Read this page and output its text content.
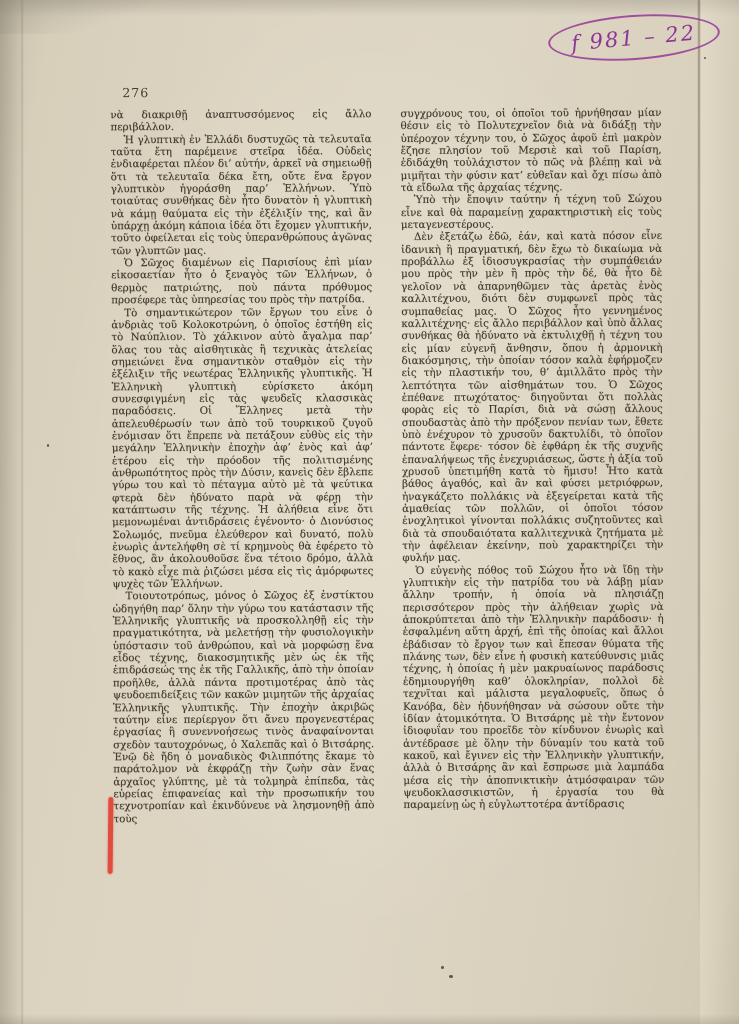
f 981 – 22
276

νὰ διακριθῇ ἀναπτυσσόμενος εἰς ἄλλο περιβάλλον.

Ἡ γλυπτικὴ ἐν Ἑλλάδι δυστυχῶς τὰ τελευταῖα ταῦτα ἔτη παρέμεινε στεῖρα ἰδέα. Οὐδεὶς ἐνδιαφέρεται πλέον δι’ αὐτήν, ἀρκεῖ νὰ σημειωθῇ ὅτι τὰ τελευταῖα δέκα ἔτη, οὔτε ἕνα ἔργον γλυπτικὸν ἠγοράσθη παρ’ Ἑλλήνων. Ὑπὸ τοιαύτας συνθήκας δὲν ἦτο δυνατὸν ἡ γλυπτικὴ νὰ κάμῃ θαύματα εἰς τὴν ἐξέλιξίν της, καὶ ἂν ὑπάρχῃ ἀκόμη κάποια ἰδέα ὅτι ἔχομεν γλυπτικήν, τοῦτο ὀφείλεται εἰς τοὺς ὑπερανθρώπους ἀγῶνας τῶν γλυπτῶν μας.

Ὁ Σῶχος διαμένων εἰς Παρισίους ἐπὶ μίαν εἰκοσαετίαν ἦτο ὁ ξεναγὸς τῶν Ἑλλήνων, ὁ θερμὸς πατριώτης, ποὺ πάντα πρόθυμος προσέφερε τὰς ὑπηρεσίας του πρὸς τὴν πατρίδα.

Τὸ σημαντικώτερον τῶν ἔργων του εἶνε ὁ ἀνδριὰς τοῦ Κολοκοτρώνη, ὁ ὁποῖος ἐστήθη εἰς τὸ Ναύπλιον. Τὸ χάλκινον αὐτὸ ἄγαλμα παρ’ ὅλας του τὰς αἰσθητικὰς ἢ τεχνικὰς ἀτελείας σημειώνει ἕνα σημαντικὸν σταθμὸν εἰς τὴν ἐξέλιξιν τῆς νεωτέρας Ἑλληνικῆς γλυπτικῆς. Ἡ Ἑλληνικὴ γλυπτικὴ εὑρίσκετο ἀκόμη συνεσφιγμένη εἰς τὰς ψευδεῖς κλασσικὰς παραδόσεις. Οἱ Ἕλληνες μετὰ τὴν ἀπελευθέρωσίν των ἀπὸ τοῦ τουρκικοῦ ζυγοῦ ἐνόμισαν ὅτι ἔπρεπε νὰ πετάξουν εὐθὺς εἰς τὴν μεγάλην Ἑλληνικὴν ἐποχὴν ἀφ’ ἑνὸς καὶ ἀφ’ ἑτέρου εἰς τὴν πρόοδον τῆς πολιτισμένης ἀνθρωπότητος πρὸς τὴν Δύσιν, κανεὶς δὲν ἔβλεπε γύρω του καὶ τὸ πέταγμα αὐτὸ μὲ τὰ ψεύτικα φτερὰ δὲν ἠδύνατο παρὰ νὰ φέρῃ τὴν κατάπτωσιν τῆς τέχνης. Ἡ ἀλήθεια εἶνε ὅτι μεμονωμέναι ἀντιδράσεις ἐγένοντο· ὁ Διονύσιος Σολωμός, πνεῦμα ἐλεύθερον καὶ δυνατό, πολὺ ἐνωρὶς ἀντελήφθη σὲ τί κρημνοὺς θὰ ἐφέρετο τὸ ἔθνος, ἂν ἀκολουθοῦσε ἕνα τέτοιο δρόμο, ἀλλὰ τὸ κακὸ εἶχε πιὰ ῥιζώσει μέσα εἰς τὶς ἀμόρφωτες ψυχὲς τῶν Ἑλλήνων.

Τοιουτοτρόπως, μόνος ὁ Σῶχος ἐξ ἐνστίκτου ὡδηγήθη παρ’ ὅλην τὴν γύρω του κατάστασιν τῆς Ἑλληνικῆς γλυπτικῆς νὰ προσκολληθῇ εἰς τὴν πραγματικότητα, νὰ μελετήσῃ τὴν φυσιολογικὴν ὑπόστασιν τοῦ ἀνθρώπου, καὶ νὰ μορφώσῃ ἕνα εἶδος τέχνης, διακοσμητικῆς μὲν ὡς ἐκ τῆς ἐπιδράσεώς της ἐκ τῆς Γαλλικῆς, ἀπὸ τὴν ὁποίαν προῆλθε, ἀλλὰ πάντα προτιμοτέρας ἀπὸ τὰς ψευδοεπιδείξεις τῶν κακῶν μιμητῶν τῆς ἀρχαίας Ἑλληνικῆς γλυπτικῆς. Τὴν ἐποχὴν ἀκριβῶς ταύτην εἶνε περίεργον ὅτι ἄνευ προγενεστέρας ἐργασίας ἢ συνεννοήσεως τινὸς ἀναφαίνονται σχεδὸν ταυτοχρόνως, ὁ Χαλεπᾶς καὶ ὁ Βιτσάρης. Ἐνῷ δὲ ἤδη ὁ μοναδικὸς Φιλιππότης ἔκαμε τὸ παράτολμον νὰ ἐκφράζῃ τὴν ζωὴν σὰν ἕνας ἀρχαῖος γλύπτης, μὲ τὰ τολμηρὰ ἐπίπεδα, τὰς εὐρείας ἐπιφανείας καὶ τὴν προσωπικήν του τεχνοτροπίαν καὶ ἐκινδύνευε νὰ λησμονηθῇ ἀπὸ τοὺς

συγχρόνους του, οἱ ὁποῖοι τοῦ ἠρνήθησαν μίαν θέσιν εἰς τὸ Πολυτεχνεῖον διὰ νὰ διδάξῃ τὴν ὑπέροχον τέχνην του, ὁ Σῶχος ἀφοῦ ἐπὶ μακρὸν ἔζησε πλησίον τοῦ Μερσιὲ καὶ τοῦ Παρίση, ἐδιδάχθη τοὐλάχιστον τὸ πῶς νὰ βλέπῃ καὶ νὰ μιμῆται τὴν φύσιν κατ’ εὐθεῖαν καὶ ὄχι πίσω ἀπὸ τὰ εἴδωλα τῆς ἀρχαίας τέχνης.

Ὑπὸ τὴν ἔποψιν ταύτην ἡ τέχνη τοῦ Σώχου εἶνε καὶ θὰ παραμείνῃ χαρακτηριστικὴ εἰς τοὺς μεταγενεστέρους.

Δὲν ἐξετάζω ἐδῶ, ἐάν, καὶ κατὰ πόσον εἶνε ἰδανικὴ ἢ πραγματική, δὲν ἔχω τὸ δικαίωμα νὰ προβάλλω ἐξ ἰδιοσυγκρασίας τὴν συμπάθειάν μου πρὸς τὴν μὲν ἢ πρὸς τὴν δέ, θὰ ἦτο δὲ γελοῖον νὰ ἀπαρνηθῶμεν τὰς ἀρετὰς ἑνὸς καλλιτέχνου, διότι δὲν συμφωνεῖ πρὸς τὰς συμπαθείας μας. Ὁ Σῶχος ἦτο γεννημένος καλλιτέχνης· εἰς ἄλλο περιβάλλον καὶ ὑπὸ ἄλλας συνθήκας θὰ ἠδύνατο νὰ ἐκτυλιχθῇ ἡ τέχνη του εἰς μίαν εὐγενῆ ἄνθησιν, ὅπου ἡ ἁρμονικὴ διακόσμησις, τὴν ὁποίαν τόσον καλὰ ἐφήρμοζεν εἰς τὴν πλαστικήν του, θ’ ἀμιλλᾶτο πρὸς τὴν λεπτότητα τῶν αἰσθημάτων του. Ὁ Σῶχος ἐπέθανε πτωχότατος· διηγοῦνται ὅτι πολλὰς φορὰς εἰς τὸ Παρίσι, διὰ νὰ σώσῃ ἄλλους σπουδαστὰς ἀπὸ τὴν πρόξενον πενίαν των, ἔθετε ὑπὸ ἐνέχυρον τὸ χρυσοῦν δακτυλίδι, τὸ ὁποῖον πάντοτε ἔφερε· τόσον δὲ ἐφθάρη ἐκ τῆς συχνῆς ἐπαναλήψεως τῆς ἐνεχυριάσεως, ὥστε ἡ ἀξία τοῦ χρυσοῦ ὑπετιμήθη κατὰ τὸ ἥμισυ! Ἦτο κατὰ βάθος ἀγαθός, καὶ ἂν καὶ φύσει μετριόφρων, ἠναγκάζετο πολλάκις νὰ ἐξεγείρεται κατὰ τῆς ἀμαθείας τῶν πολλῶν, οἱ ὁποῖοι τόσον ἐνοχλητικοὶ γίνονται πολλάκις συζητοῦντες καὶ διὰ τὰ σπουδαιότατα καλλιτεχνικὰ ζητήματα μὲ τὴν ἀφέλειαν ἐκείνην, ποὺ χαρακτηρίζει τὴν φυλήν μας.

Ὁ εὐγενὴς πόθος τοῦ Σώχου ἦτο νὰ ἴδῃ τὴν γλυπτικὴν εἰς τὴν πατρίδα του νὰ λάβῃ μίαν ἄλλην τροπήν, ἡ ὁποία νὰ πλησιάζῃ περισσότερον πρὸς τὴν ἀλήθειαν χωρὶς νὰ ἀποκρύπτεται ἀπὸ τὴν Ἑλληνικὴν παράδοσιν· ἡ ἐσφαλμένη αὕτη ἀρχή, ἐπὶ τῆς ὁποίας καὶ ἄλλοι ἐβάδισαν τὸ ἔργον των καὶ ἔπεσαν θύματα τῆς πλάνης των, δὲν εἶνε ἡ φυσικὴ κατεύθυνσις μιᾶς τέχνης, ἡ ὁποίας ἡ μὲν μακρυαίωνος παράδοσις ἐδημιουργήθη καθ’ ὁλοκληρίαν, πολλοὶ δὲ τεχνῖται καὶ μάλιστα μεγαλοφυεῖς, ὅπως ὁ Κανόβα, δὲν ἠδυνήθησαν νὰ σώσουν οὔτε τὴν ἰδίαν ἀτομικότητα. Ὁ Βιτσάρης μὲ τὴν ἔντονον ἰδιοφυΐαν του προεῖδε τὸν κίνδυνον ἐνωρὶς καὶ ἀντέδρασε μὲ ὅλην τὴν δύναμίν του κατὰ τοῦ κακοῦ, καὶ ἔγινεν εἰς τὴν Ἑλληνικὴν γλυπτικήν, ἀλλὰ ὁ Βιτσάρης ἂν καὶ ἔσπρωσε μιὰ λαμπάδα μέσα εἰς τὴν ἀποπνικτικὴν ἀτμόσφαιραν τῶν ψευδοκλασσικιστῶν, ἡ ἐργασία του θὰ παραμείνῃ ὡς ἡ εὐγλωττοτέρα ἀντίδρασις
